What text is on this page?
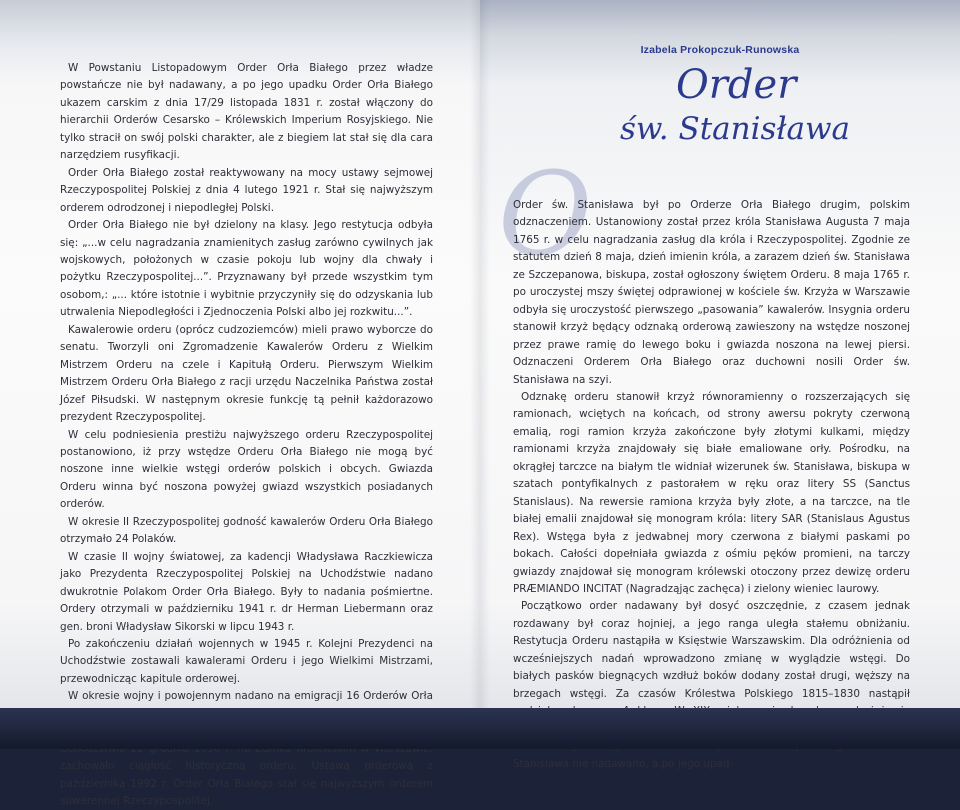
W Powstaniu Listopadowym Order Orła Białego przez władze powstańcze nie był nadawany, a po jego upadku Order Orła Białego ukazem carskim z dnia 17/29 listopada 1831 r. został włączony do hierarchii Orderów Cesarsko – Królewskich Imperium Rosyjskiego. Nie tylko stracił on swój polski charakter, ale z biegiem lat stał się dla cara narzędziem rusyfikacji.

Order Orła Białego został reaktywowany na mocy ustawy sejmowej Rzeczypospolitej Polskiej z dnia 4 lutego 1921 r. Stał się najwyższym orderem odrodzonej i niepodległej Polski.

Order Orła Białego nie był dzielony na klasy. Jego restytucja odbyła się: „...w celu nagradzania znamienitych zasług zarówno cywilnych jak wojskowych, położonych w czasie pokoju lub wojny dla chwały i pożytku Rzeczypospolitej...”. Przyznawany był przede wszystkim tym osobom,: „... które istotnie i wybitnie przyczyniły się do odzyskania lub utrwalenia Niepodległości i Zjednoczenia Polski albo jej rozkwitu...”.

Kawalerowie orderu (oprócz cudzoziemców) mieli prawo wyborcze do senatu. Tworzyli oni Zgromadzenie Kawalerów Orderu z Wielkim Mistrzem Orderu na czele i Kapitułą Orderu. Pierwszym Wielkim Mistrzem Orderu Orła Białego z racji urzędu Naczelnika Państwa został Józef Piłsudski. W następnym okresie funkcję tą pełnił każdorazowo prezydent Rzeczypospolitej.

W celu podniesienia prestiżu najwyższego orderu Rzeczypospolitej postanowiono, iż przy wstędze Orderu Orła Białego nie mogą być noszone inne wielkie wstęgi orderów polskich i obcych. Gwiazda Orderu winna być noszona powyżej gwiazd wszystkich posiadanych orderów.

W okresie II Rzeczypospolitej godność kawalerów Orderu Orła Białego otrzymało 24 Polaków.

W czasie II wojny światowej, za kadencji Władysława Raczkiewicza jako Prezydenta Rzeczypospolitej Polskiej na Uchodźstwie nadano dwukrotnie Polakom Order Orła Białego. Były to nadania pośmiertne. Ordery otrzymali w październiku 1941 r. dr Herman Liebermann oraz gen. broni Władysław Sikorski w lipcu 1943 r.

Po zakończeniu działań wojennych w 1945 r. Kolejni Prezydenci na Uchodźstwie zostawali kawalerami Orderu i jego Wielkimi Mistrzami, przewodnicząc kapitule orderowej.

W okresie wojny i powojennym nadano na emigracji 16 Orderów Orła

zachowało ciągłość historyczną orderu. Ustawą orderową z października 1992 r. Order Orła Białego stał się najwyższym orderem suwerennej Rzeczypospolitej.

Izabela Prokopczuk-Runowska
Order
św. Stanisława
O

Order św. Stanisława był po Orderze Orła Białego drugim, polskim odznaczeniem. Ustanowiony został przez króla Stanisława Augusta 7 maja 1765 r. w celu nagradzania zasług dla króla i Rzeczypospolitej. Zgodnie ze statutem dzień 8 maja, dzień imienin króla, a zarazem dzień św. Stanisława ze Szczepanowa, biskupa, został ogłoszony świętem Orderu. 8 maja 1765 r. po uroczystej mszy świętej odprawionej w kościele św. Krzyża w Warszawie odbyła się uroczystość pierwszego „pasowania” kawalerów. Insygnia orderu stanowił krzyż będący odznaką orderową zawieszony na wstędze noszonej przez prawe ramię do lewego boku i gwiazda noszona na lewej piersi. Odznaczeni Orderem Orła Białego oraz duchowni nosili Order św. Stanisława na szyi.

Odznakę orderu stanowił krzyż równoramienny o rozszerzających się ramionach, wciętych na końcach, od strony awersu pokryty czerwoną emalią, rogi ramion krzyża zakończone były złotymi kulkami, między ramionami krzyża znajdowały się białe emaliowane orły. Pośrodku, na okrągłej tarczce na białym tle widniał wizerunek św. Stanisława, biskupa w szatach pontyfikalnych z pastorałem w ręku oraz litery SS (Sanctus Stanislaus). Na rewersie ramiona krzyża były złote, a na tarczce, na tle białej emalii znajdował się monogram króla: litery SAR (Stanislaus Agustus Rex). Wstęga była z jedwabnej mory czerwona z białymi paskami po bokach. Całości dopełniała gwiazda z ośmiu pęków promieni, na tarczy gwiazdy znajdował się monogram królewski otoczony przez dewizę orderu PRÆMIANDO INCITAT (Nagradząjąc zachęca) i zielony wieniec laurowy.

Początkowo order nadawany był dosyć oszczędnie, z czasem jednak rozdawany był coraz hojniej, a jego ranga uległa stałemu obniżaniu. Restytucja Orderu nastąpiła w Księstwie Warszawskim. Dla odróżnienia od wcześniejszych nadań wprowadzono zmianę w wyglądzie wstęgi. Do białych pasków biegnących wzdłuż boków dodany został drugi, węższy na brzegach wstęgi. Za czasów Królestwa Polskiego 1815–1830 nastąpił Stanisława nie nadawano, a po jego upad-
